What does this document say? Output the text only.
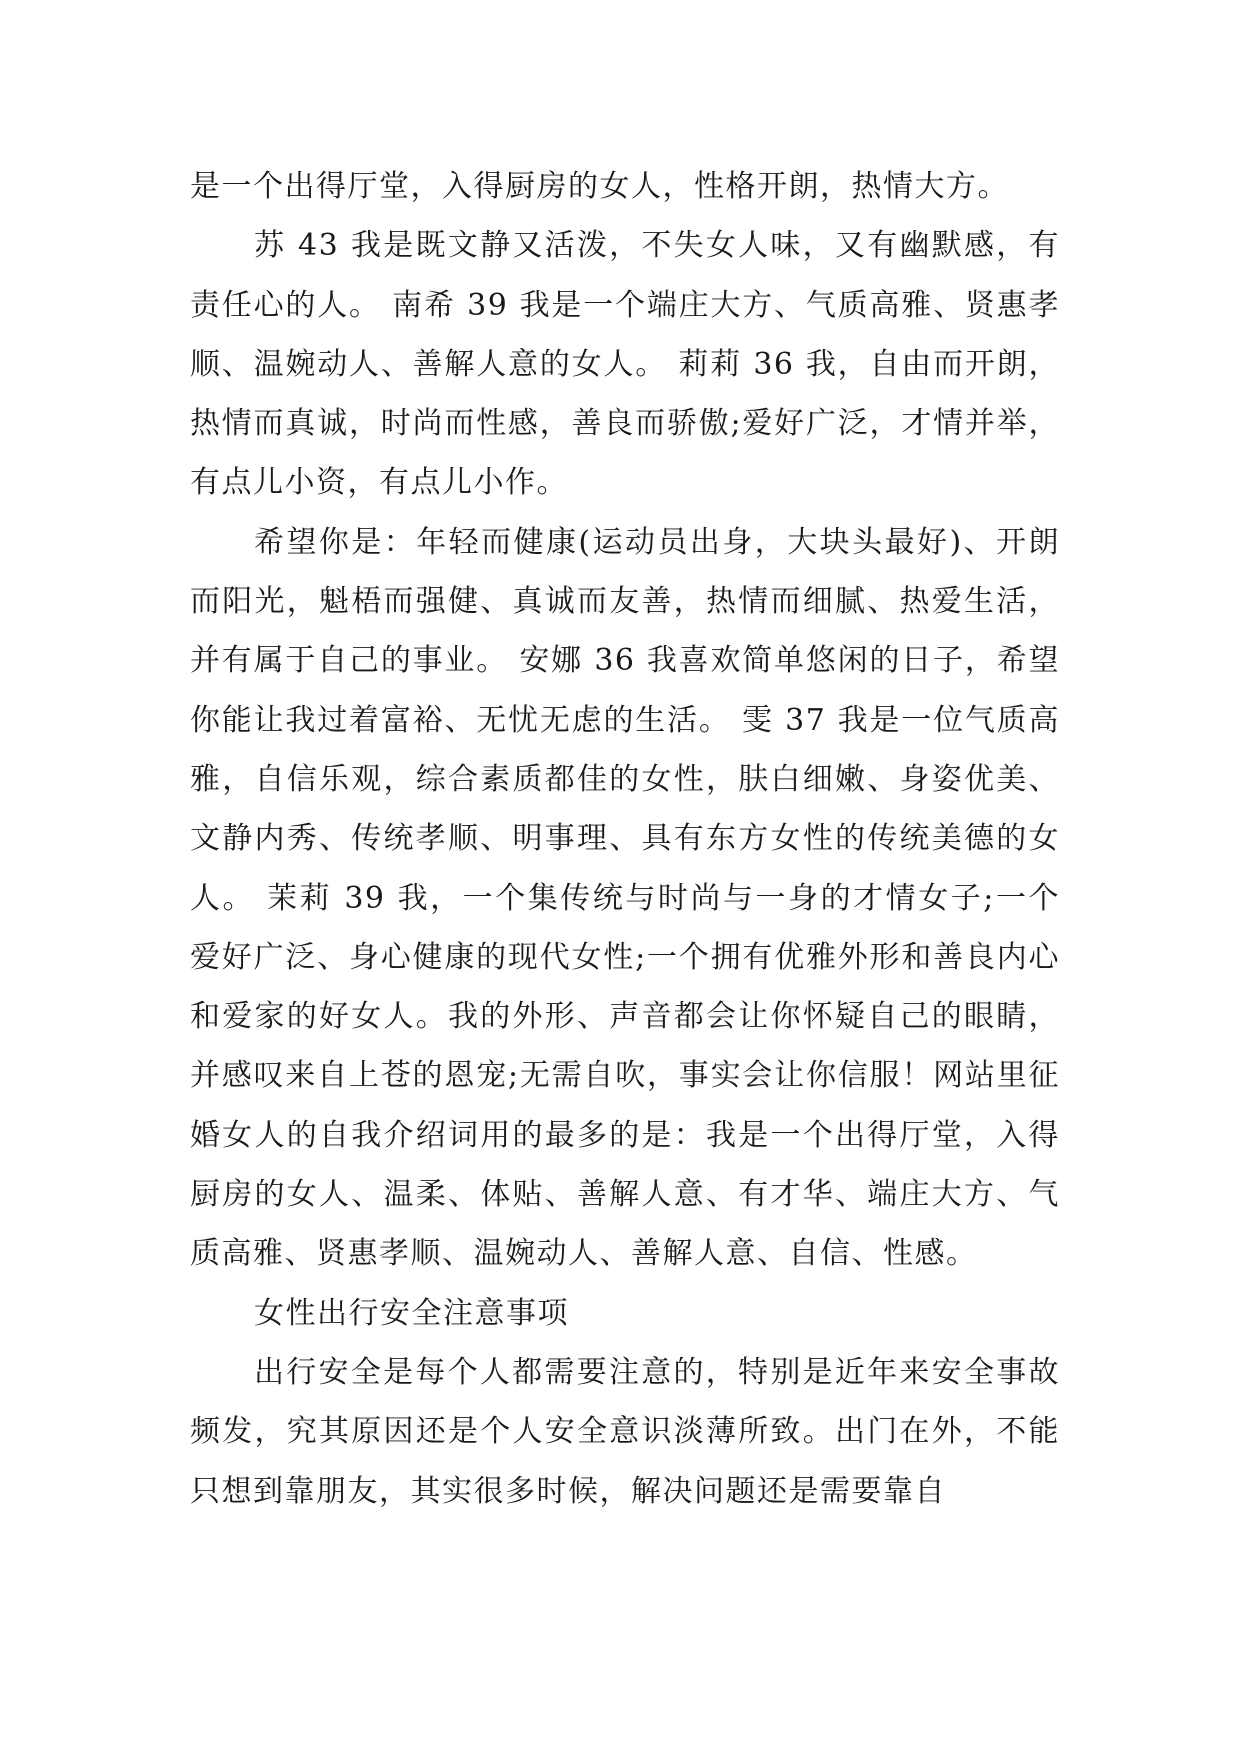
是一个出得厅堂，入得厨房的女人，性格开朗，热情大方。

苏 43 我是既文静又活泼，不失女人味，又有幽默感，有责任心的人。 南希 39 我是一个端庄大方、气质高雅、贤惠孝顺、温婉动人、善解人意的女人。 莉莉 36 我，自由而开朗，热情而真诚，时尚而性感，善良而骄傲;爱好广泛，才情并举，有点儿小资，有点儿小作。

希望你是：年轻而健康(运动员出身，大块头最好)、开朗而阳光，魁梧而强健、真诚而友善，热情而细腻、热爱生活，并有属于自己的事业。 安娜 36 我喜欢简单悠闲的日子，希望你能让我过着富裕、无忧无虑的生活。 雯 37 我是一位气质高雅，自信乐观，综合素质都佳的女性，肤白细嫩、身姿优美、文静内秀、传统孝顺、明事理、具有东方女性的传统美德的女人。 茉莉 39 我，一个集传统与时尚与一身的才情女子;一个爱好广泛、身心健康的现代女性;一个拥有优雅外形和善良内心和爱家的好女人。我的外形、声音都会让你怀疑自己的眼睛，并感叹来自上苍的恩宠;无需自吹，事实会让你信服！网站里征婚女人的自我介绍词用的最多的是：我是一个出得厅堂，入得厨房的女人、温柔、体贴、善解人意、有才华、端庄大方、气质高雅、贤惠孝顺、温婉动人、善解人意、自信、性感。

女性出行安全注意事项

出行安全是每个人都需要注意的，特别是近年来安全事故频发，究其原因还是个人安全意识淡薄所致。出门在外，不能只想到靠朋友，其实很多时候，解决问题还是需要靠自
